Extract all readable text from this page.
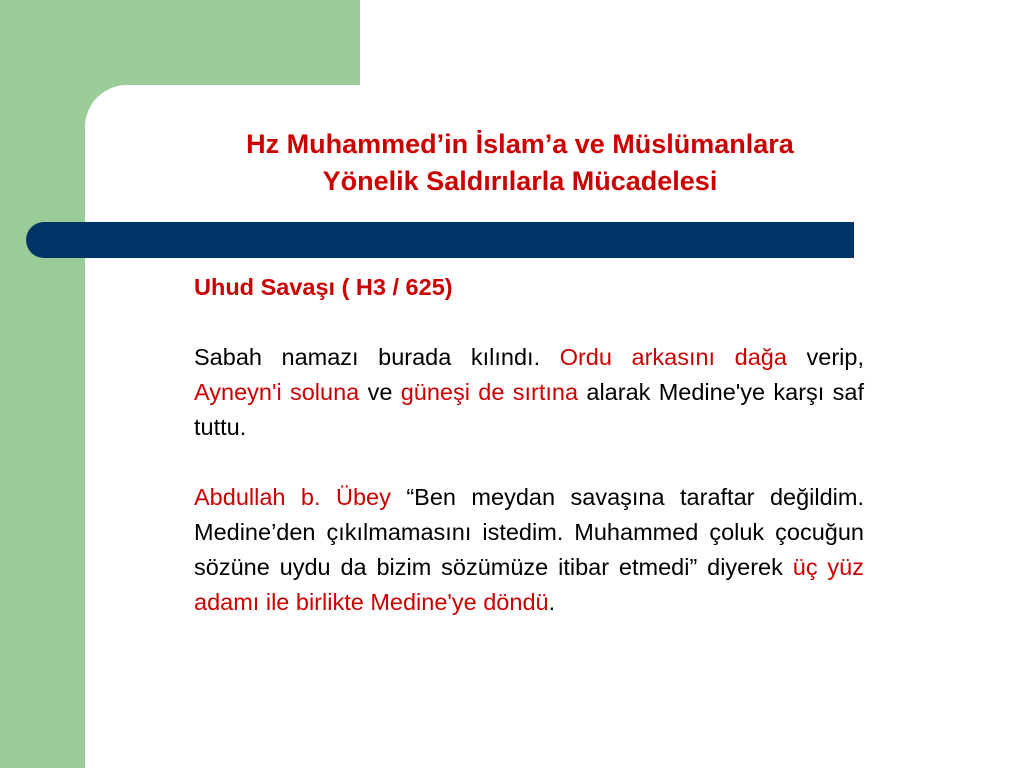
Hz Muhammed’in İslam’a ve Müslümanlara
Yönelik Saldırılarla Mücadelesi

Uhud Savaşı ( H3 / 625)

Sabah namazı burada kılındı. Ordu arkasını dağa verip, Ayneyn'i soluna ve güneşi de sırtına alarak Medine'ye karşı saf tuttu.

Abdullah b. Übey “Ben meydan savaşına taraftar değildim. Medine’den çıkılmamasını istedim. Muhammed çoluk çocuğun sözüne uydu da bizim sözümüze itibar etmedi” diyerek üç yüz adamı ile birlikte Medine'ye döndü.
